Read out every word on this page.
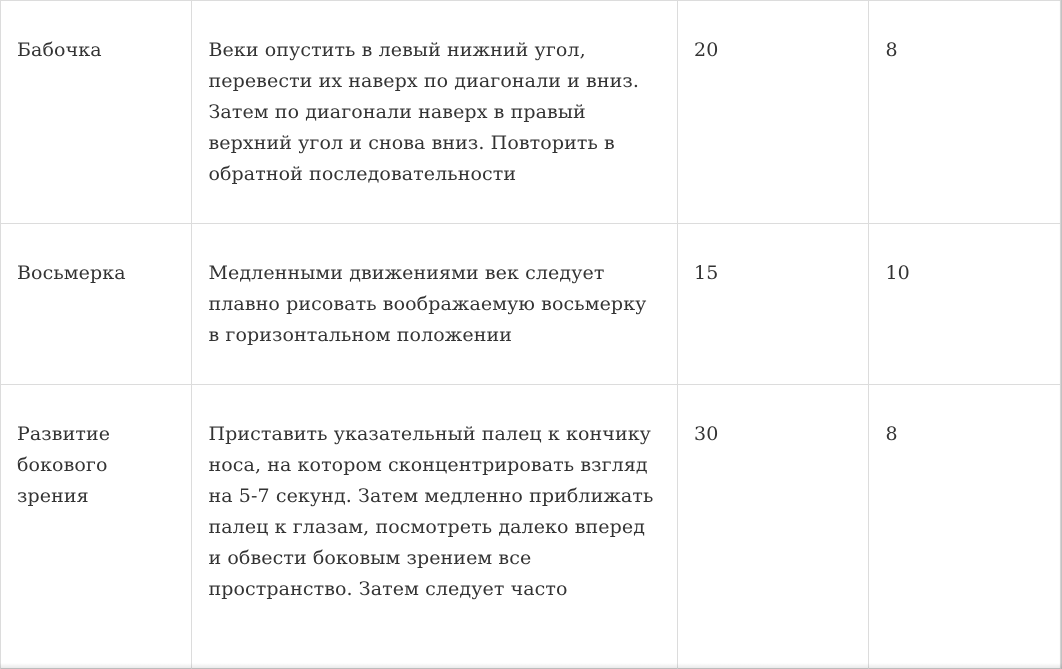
Бабочка	Веки опустить в левый нижний угол, перевести их наверх по диагонали и вниз. Затем по диагонали наверх в правый верхний угол и снова вниз. Повторить в обратной последовательности	20	8
Восьмерка	Медленными движениями век следует плавно рисовать воображаемую восьмерку в горизонтальном положении	15	10
Развитие бокового зрения	Приставить указательный палец к кончику носа, на котором сконцентрировать взгляд на 5-7 секунд. Затем медленно приближать палец к глазам, посмотреть далеко вперед и обвести боковым зрением все пространство. Затем следует часто	30	8
